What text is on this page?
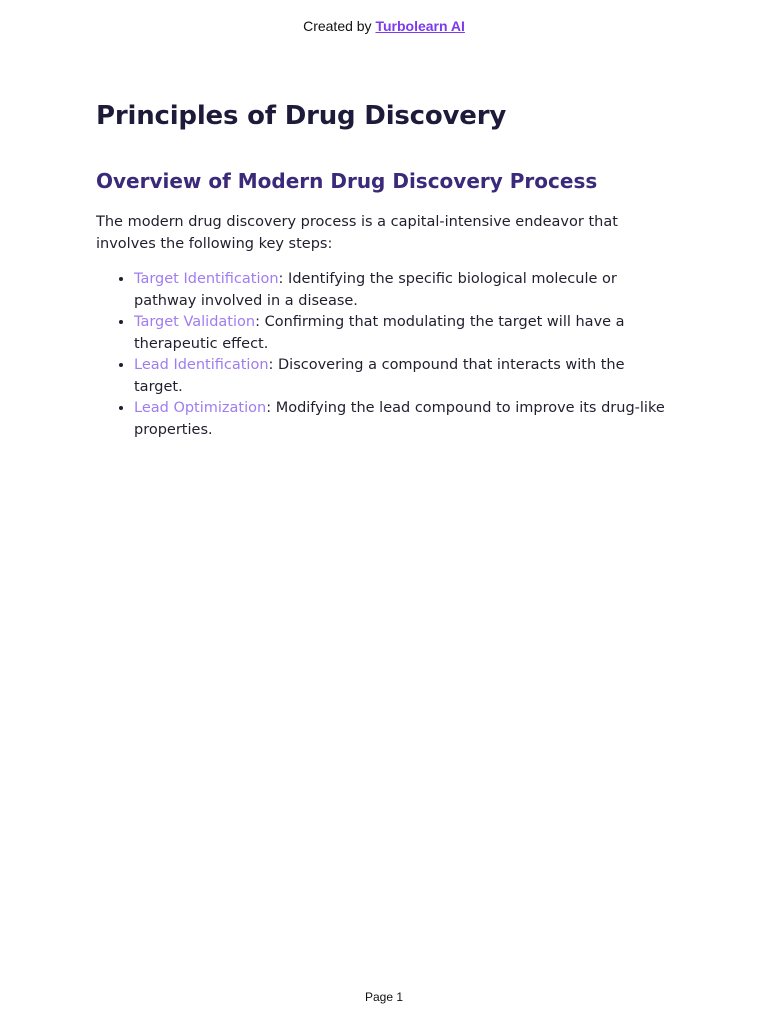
Created by Turbolearn AI
Principles of Drug Discovery
Overview of Modern Drug Discovery Process

The modern drug discovery process is a capital-intensive endeavor that involves the following key steps:

• Target Identification: Identifying the specific biological molecule or pathway involved in a disease.
• Target Validation: Confirming that modulating the target will have a therapeutic effect.
• Lead Identification: Discovering a compound that interacts with the target.
• Lead Optimization: Modifying the lead compound to improve its drug-like properties.
Page 1
